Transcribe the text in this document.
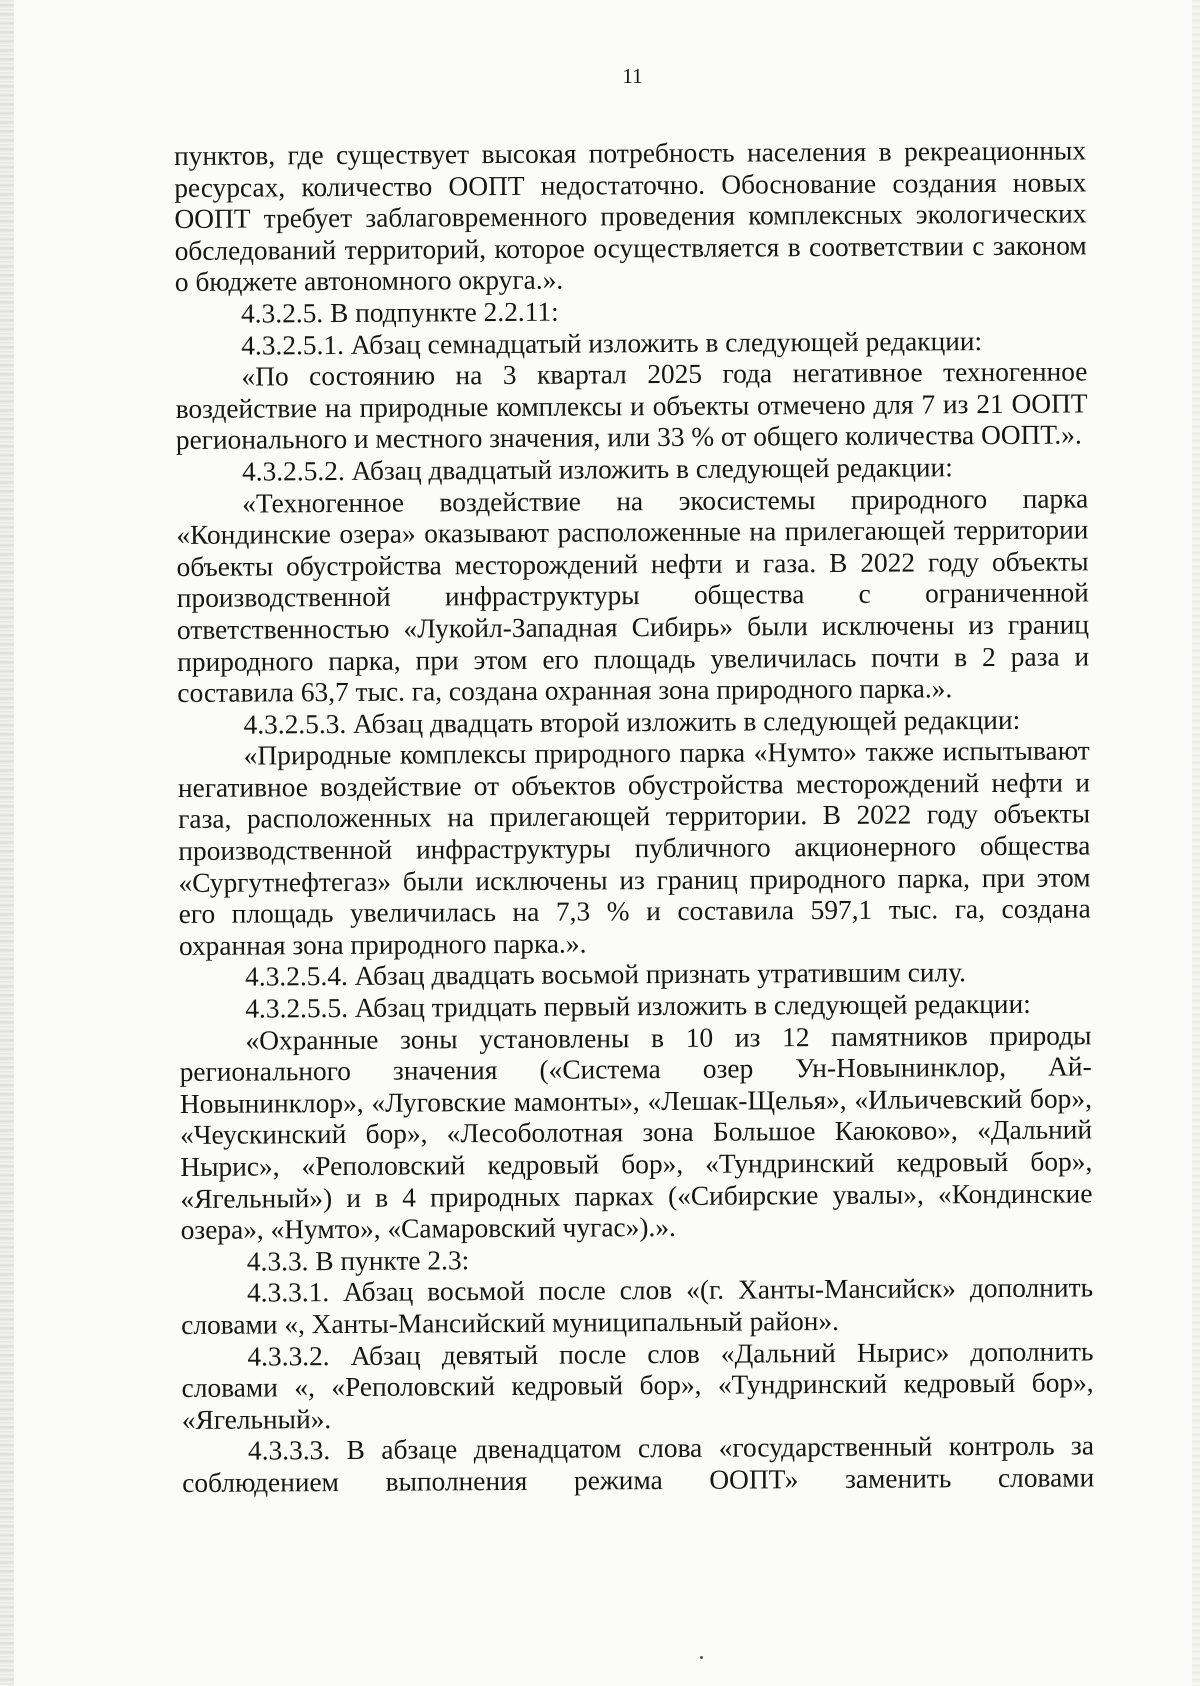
11

пунктов, где существует высокая потребность населения в рекреационных ресурсах, количество ООПТ недостаточно. Обоснование создания новых ООПТ требует заблаговременного проведения комплексных экологических обследований территорий, которое осуществляется в соответствии с законом о бюджете автономного округа.».

4.3.2.5. В подпункте 2.2.11:

4.3.2.5.1. Абзац семнадцатый изложить в следующей редакции:

«По состоянию на 3 квартал 2025 года негативное техногенное воздействие на природные комплексы и объекты отмечено для 7 из 21 ООПТ регионального и местного значения, или 33 % от общего количества ООПТ.».

4.3.2.5.2. Абзац двадцатый изложить в следующей редакции:

«Техногенное воздействие на экосистемы природного парка «Кондинские озера» оказывают расположенные на прилегающей территории объекты обустройства месторождений нефти и газа. В 2022 году объекты производственной инфраструктуры общества с ограниченной ответственностью «Лукойл-Западная Сибирь» были исключены из границ природного парка, при этом его площадь увеличилась почти в 2 раза и составила 63,7 тыс. га, создана охранная зона природного парка.».

4.3.2.5.3. Абзац двадцать второй изложить в следующей редакции:

«Природные комплексы природного парка «Нумто» также испытывают негативное воздействие от объектов обустройства месторождений нефти и газа, расположенных на прилегающей территории. В 2022 году объекты производственной инфраструктуры публичного акционерного общества «Сургутнефтегаз» были исключены из границ природного парка, при этом его площадь увеличилась на 7,3 % и составила 597,1 тыс. га, создана охранная зона природного парка.».

4.3.2.5.4. Абзац двадцать восьмой признать утратившим силу.

4.3.2.5.5. Абзац тридцать первый изложить в следующей редакции:

«Охранные зоны установлены в 10 из 12 памятников природы регионального значения («Система озер Ун-Новынинклор, Ай-Новынинклор», «Луговские мамонты», «Лешак-Щелья», «Ильичевский бор», «Чеускинский бор», «Лесоболотная зона Большое Каюково», «Дальний Нырис», «Реполовский кедровый бор», «Тундринский кедровый бор», «Ягельный») и в 4 природных парках («Сибирские увалы», «Кондинские озера», «Нумто», «Самаровский чугас»).».

4.3.3. В пункте 2.3:

4.3.3.1. Абзац восьмой после слов «(г. Ханты-Мансийск» дополнить словами «, Ханты-Мансийский муниципальный район».

4.3.3.2. Абзац девятый после слов «Дальний Нырис» дополнить словами «, «Реполовский кедровый бор», «Тундринский кедровый бор», «Ягельный».

4.3.3.3. В абзаце двенадцатом слова «государственный контроль за соблюдением выполнения режима ООПТ» заменить словами
